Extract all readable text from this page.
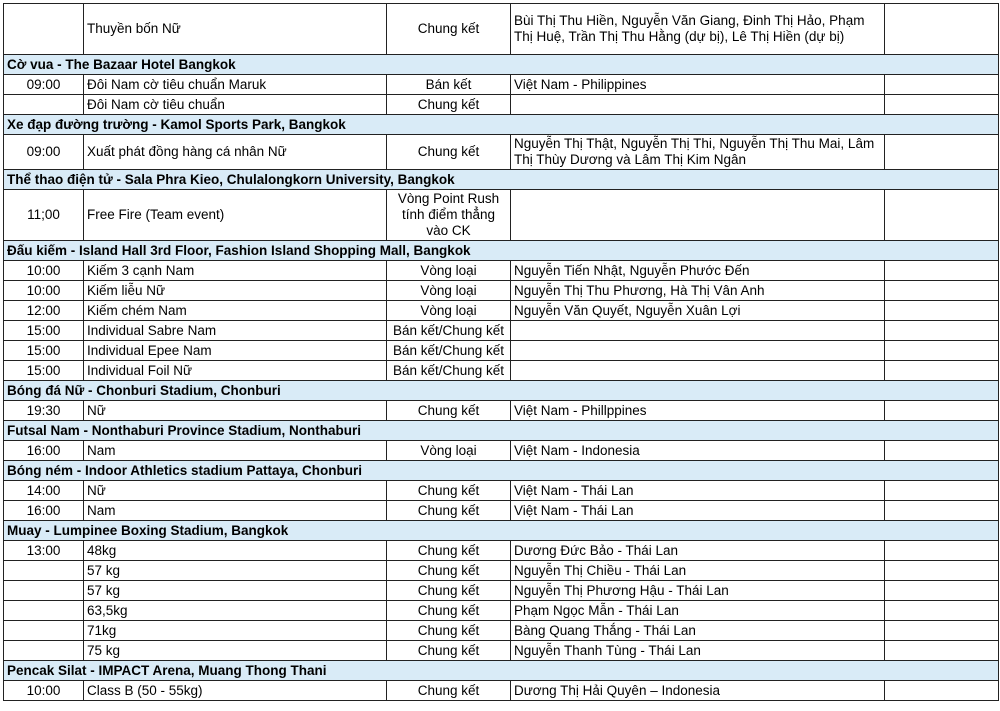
	Thuyền bốn Nữ	Chung kết	Bùi Thị Thu Hiền, Nguyễn Văn Giang, Đinh Thị Hảo, Phạm Thị Huệ, Trần Thị Thu Hằng (dự bị), Lê Thị Hiền (dự bị)	
Cờ vua - The Bazaar Hotel Bangkok				
09:00	Đôi Nam cờ tiêu chuẩn Maruk	Bán kết	Việt Nam - Philippines	
	Đôi Nam cờ tiêu chuẩn	Chung kết		
Xe đạp đường trường - Kamol Sports Park, Bangkok				
09:00	Xuất phát đồng hàng cá nhân Nữ	Chung kết	Nguyễn Thị Thật, Nguyễn Thị Thi, Nguyễn Thị Thu Mai, Lâm Thị Thùy Dương và Lâm Thị Kim Ngân	
Thể thao điện tử - Sala Phra Kieo, Chulalongkorn University, Bangkok				
11;00	Free Fire (Team event)	Vòng Point Rush tính điểm thẳng vào CK		
Đấu kiếm - Island Hall 3rd Floor, Fashion Island Shopping Mall, Bangkok				
10:00	Kiếm 3 cạnh Nam	Vòng loại	Nguyễn Tiến Nhật, Nguyễn Phước Đến	
10:00	Kiếm liễu Nữ	Vòng loại	Nguyễn Thị Thu Phương, Hà Thị Vân Anh	
12:00	Kiếm chém Nam	Vòng loại	Nguyễn Văn Quyết, Nguyễn Xuân Lợi	
15:00	Individual Sabre Nam	Bán kết/Chung kết		
15:00	Individual Epee Nam	Bán kết/Chung kết		
15:00	Individual Foil Nữ	Bán kết/Chung kết		
Bóng đá Nữ - Chonburi Stadium, Chonburi				
19:30	Nữ	Chung kết	Việt Nam - Phillppines	
Futsal Nam - Nonthaburi Province Stadium, Nonthaburi				
16:00	Nam	Vòng loại	Việt Nam - Indonesia	
Bóng ném - Indoor Athletics stadium Pattaya, Chonburi				
14:00	Nữ	Chung kết	Việt Nam - Thái Lan	
16:00	Nam	Chung kết	Việt Nam - Thái Lan	
Muay - Lumpinee Boxing Stadium, Bangkok				
13:00	48kg	Chung kết	Dương Đức Bảo - Thái Lan	
	57 kg	Chung kết	Nguyễn Thị Chiều - Thái Lan	
	57 kg	Chung kết	Nguyễn Thị Phương Hậu - Thái Lan	
	63,5kg	Chung kết	Phạm Ngọc Mẫn - Thái Lan	
	71kg	Chung kết	Bàng Quang Thắng - Thái Lan	
	75 kg	Chung kết	Nguyễn Thanh Tùng - Thái Lan	
Pencak Silat - IMPACT Arena, Muang Thong Thani				
10:00	Class B (50 - 55kg)	Chung kết	Dương Thị Hải Quyên – Indonesia	
